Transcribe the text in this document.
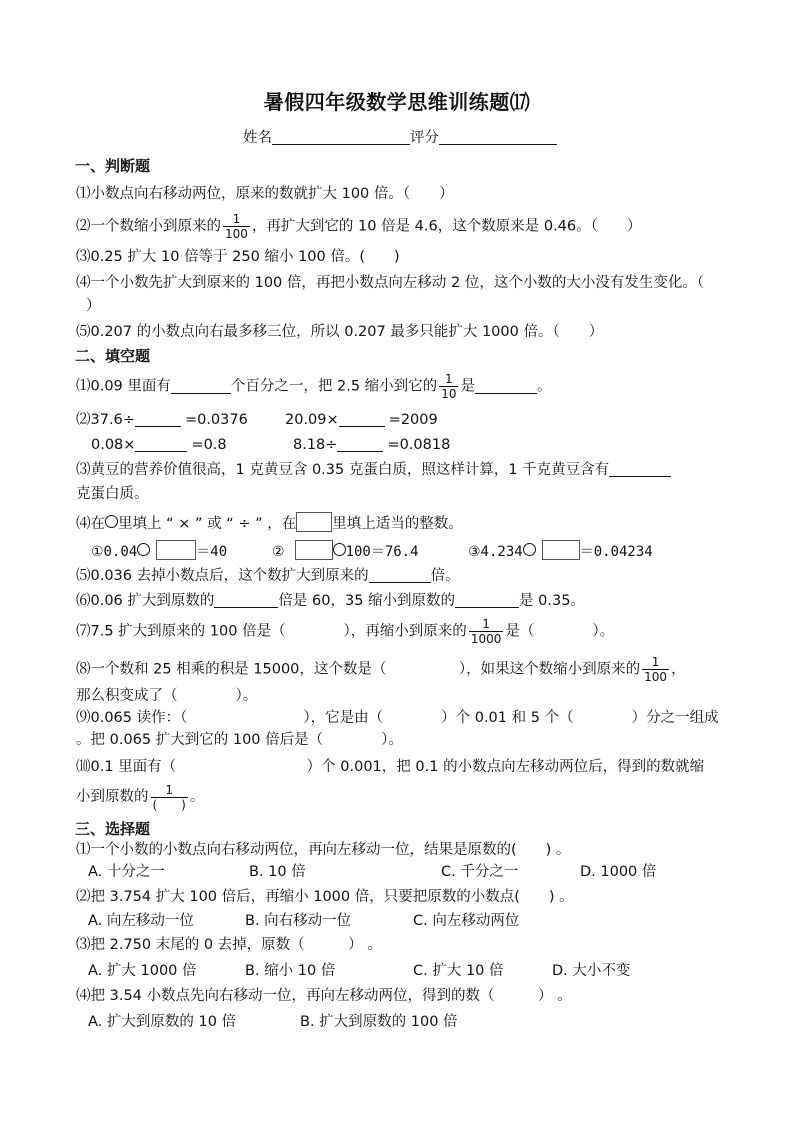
暑假四年级数学思维训练题⒄
姓名	评分
一、判断题
⑴小数点向右移动两位，原来的数就扩大 100 倍。（　　）
⑵一个数缩小到原来的 $\frac{1}{100}$ ，再扩大到它的 10 倍是 4.6，这个数原来是 0.46。（　　）
⑶0.25 扩大 10 倍等于 250 缩小 100 倍。(　　)
⑷一个小数先扩大到原来的 100 倍，再把小数点向左移动 2 位，这个小数的大小没有发生变化。（
）
⑸0.207 的小数点向右最多移三位，所以 0.207 最多只能扩大 1000 倍。（　　）
二、填空题
⑴0.09 里面有	个百分之一，把 2.5 缩小到它的 $\frac{1}{10}$ 是	。
⑵37.6÷	=0.0376	20.09×	=2009
0.08×	=0.8	8.18÷	=0.0818
⑶黄豆的营养价值很高，1 克黄豆含 0.35 克蛋白质，照这样计算，1 千克黄豆含有
克蛋白质。
⑷在 里填上 “ × ” 或 “ ÷ ” ，在 里填上适当的整数。
①0.04	＝40	②	100＝76.4	③4.234	＝0.04234
⑸0.036 去掉小数点后，这个数扩大到原来的	倍。
⑹0.06 扩大到原数的	倍是 60，35 缩小到原数的	是 0.35。
⑺7.5 扩大到原来的 100 倍是（　　　　），再缩小到原来的 $\frac{1}{1000}$ 是（　　　　）。
⑻一个数和 25 相乘的积是 15000，这个数是（　　　　　），如果这个数缩小到原来的 $\frac{1}{100}$ ，
那么积变成了（　　　　）。
⑼0.065 读作：（　　　　　　　　），它是由（　　　　）个 0.01 和 5 个（　　　　）分之一组成
。把 0.065 扩大到它的 100 倍后是（　　　　）。
⑽0.1 里面有（　　　　　　　　　）个 0.001，把 0.1 的小数点向左移动两位后，得到的数就缩
小到原数的 $\frac{1}{( )}$ 。
三、选择题
⑴一个小数的小数点向右移动两位，再向左移动一位，结果是原数的(　　) 。
A. 十分之一	B. 10 倍	C. 千分之一	D. 1000 倍
⑵把 3.754 扩大 100 倍后，再缩小 1000 倍，只要把原数的小数点(　　) 。
A. 向左移动一位	B. 向右移动一位	C. 向左移动两位
⑶把 2.750 末尾的 0 去掉，原数（　　　） 。
A. 扩大 1000 倍	B. 缩小 10 倍	C. 扩大 10 倍	D. 大小不变
⑷把 3.54 小数点先向右移动一位，再向左移动两位，得到的数（　　　） 。
A. 扩大到原数的 10 倍	B. 扩大到原数的 100 倍
